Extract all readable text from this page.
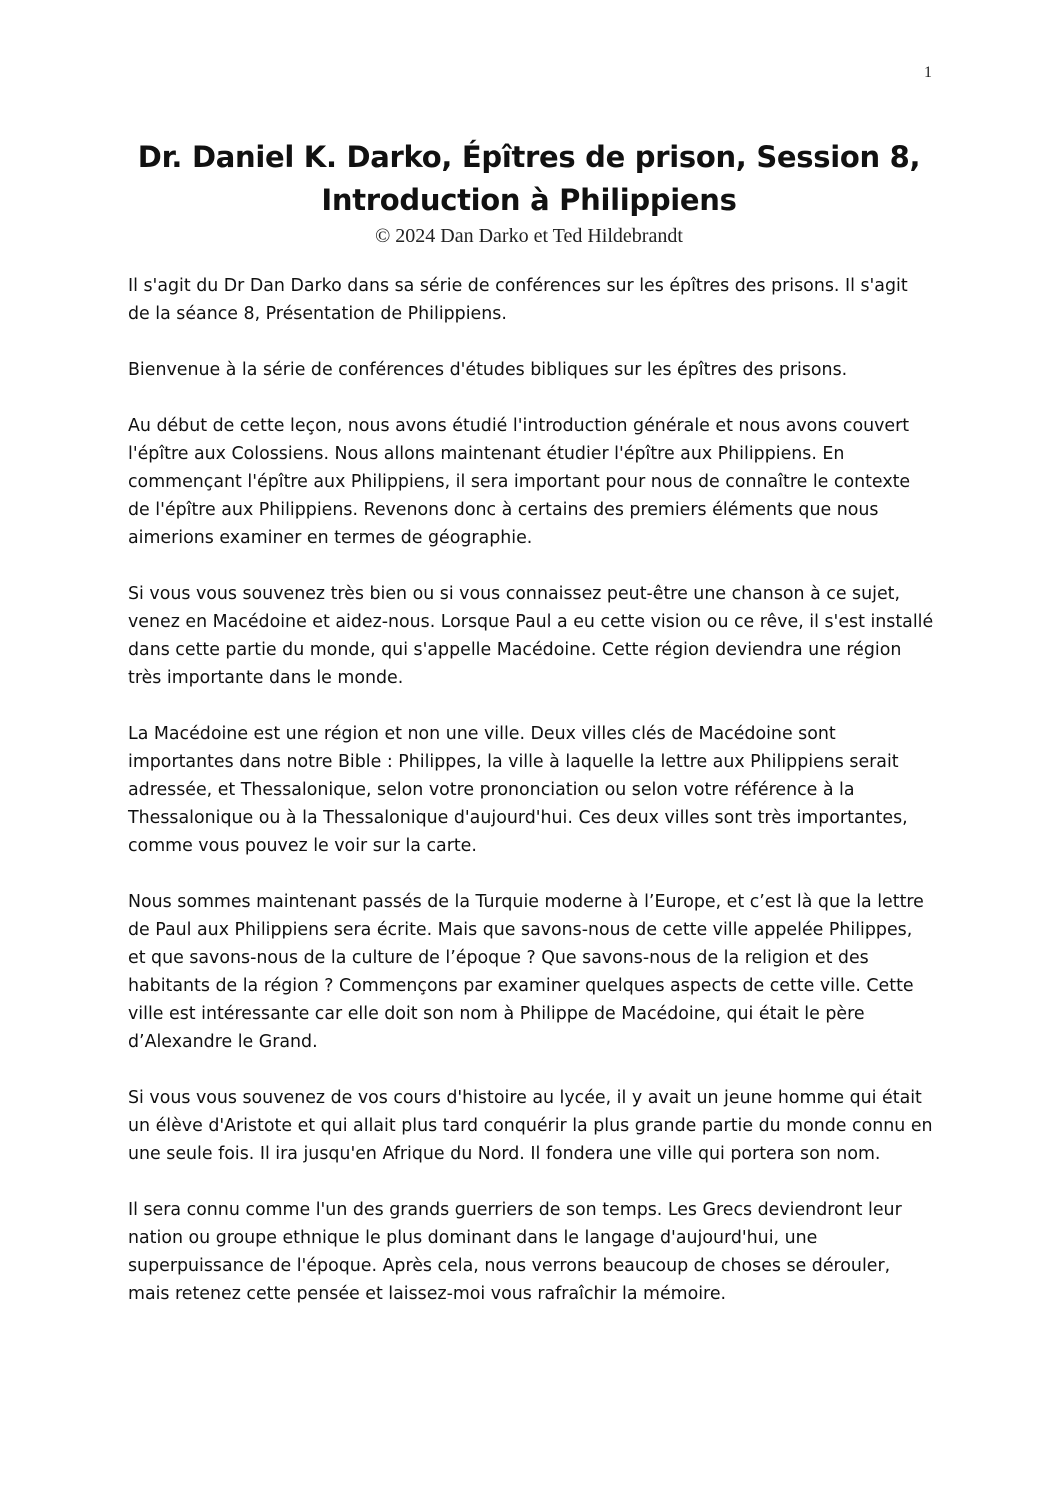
1
Dr. Daniel K. Darko, Épîtres de prison, Session 8, Introduction à Philippiens
© 2024 Dan Darko et Ted Hildebrandt

Il s'agit du Dr Dan Darko dans sa série de conférences sur les épîtres des prisons. Il s'agit de la séance 8, Présentation de Philippiens.

Bienvenue à la série de conférences d'études bibliques sur les épîtres des prisons.

Au début de cette leçon, nous avons étudié l'introduction générale et nous avons couvert l'épître aux Colossiens. Nous allons maintenant étudier l'épître aux Philippiens. En commençant l'épître aux Philippiens, il sera important pour nous de connaître le contexte de l'épître aux Philippiens. Revenons donc à certains des premiers éléments que nous aimerions examiner en termes de géographie.

Si vous vous souvenez très bien ou si vous connaissez peut-être une chanson à ce sujet, venez en Macédoine et aidez-nous. Lorsque Paul a eu cette vision ou ce rêve, il s'est installé dans cette partie du monde, qui s'appelle Macédoine. Cette région deviendra une région très importante dans le monde.

La Macédoine est une région et non une ville. Deux villes clés de Macédoine sont importantes dans notre Bible : Philippes, la ville à laquelle la lettre aux Philippiens serait adressée, et Thessalonique, selon votre prononciation ou selon votre référence à la Thessalonique ou à la Thessalonique d'aujourd'hui. Ces deux villes sont très importantes, comme vous pouvez le voir sur la carte.

Nous sommes maintenant passés de la Turquie moderne à l’Europe, et c’est là que la lettre de Paul aux Philippiens sera écrite. Mais que savons-nous de cette ville appelée Philippes, et que savons-nous de la culture de l’époque ? Que savons-nous de la religion et des habitants de la région ? Commençons par examiner quelques aspects de cette ville. Cette ville est intéressante car elle doit son nom à Philippe de Macédoine, qui était le père d’Alexandre le Grand.

Si vous vous souvenez de vos cours d'histoire au lycée, il y avait un jeune homme qui était un élève d'Aristote et qui allait plus tard conquérir la plus grande partie du monde connu en une seule fois. Il ira jusqu'en Afrique du Nord. Il fondera une ville qui portera son nom.

Il sera connu comme l'un des grands guerriers de son temps. Les Grecs deviendront leur nation ou groupe ethnique le plus dominant dans le langage d'aujourd'hui, une superpuissance de l'époque. Après cela, nous verrons beaucoup de choses se dérouler, mais retenez cette pensée et laissez-moi vous rafraîchir la mémoire.
